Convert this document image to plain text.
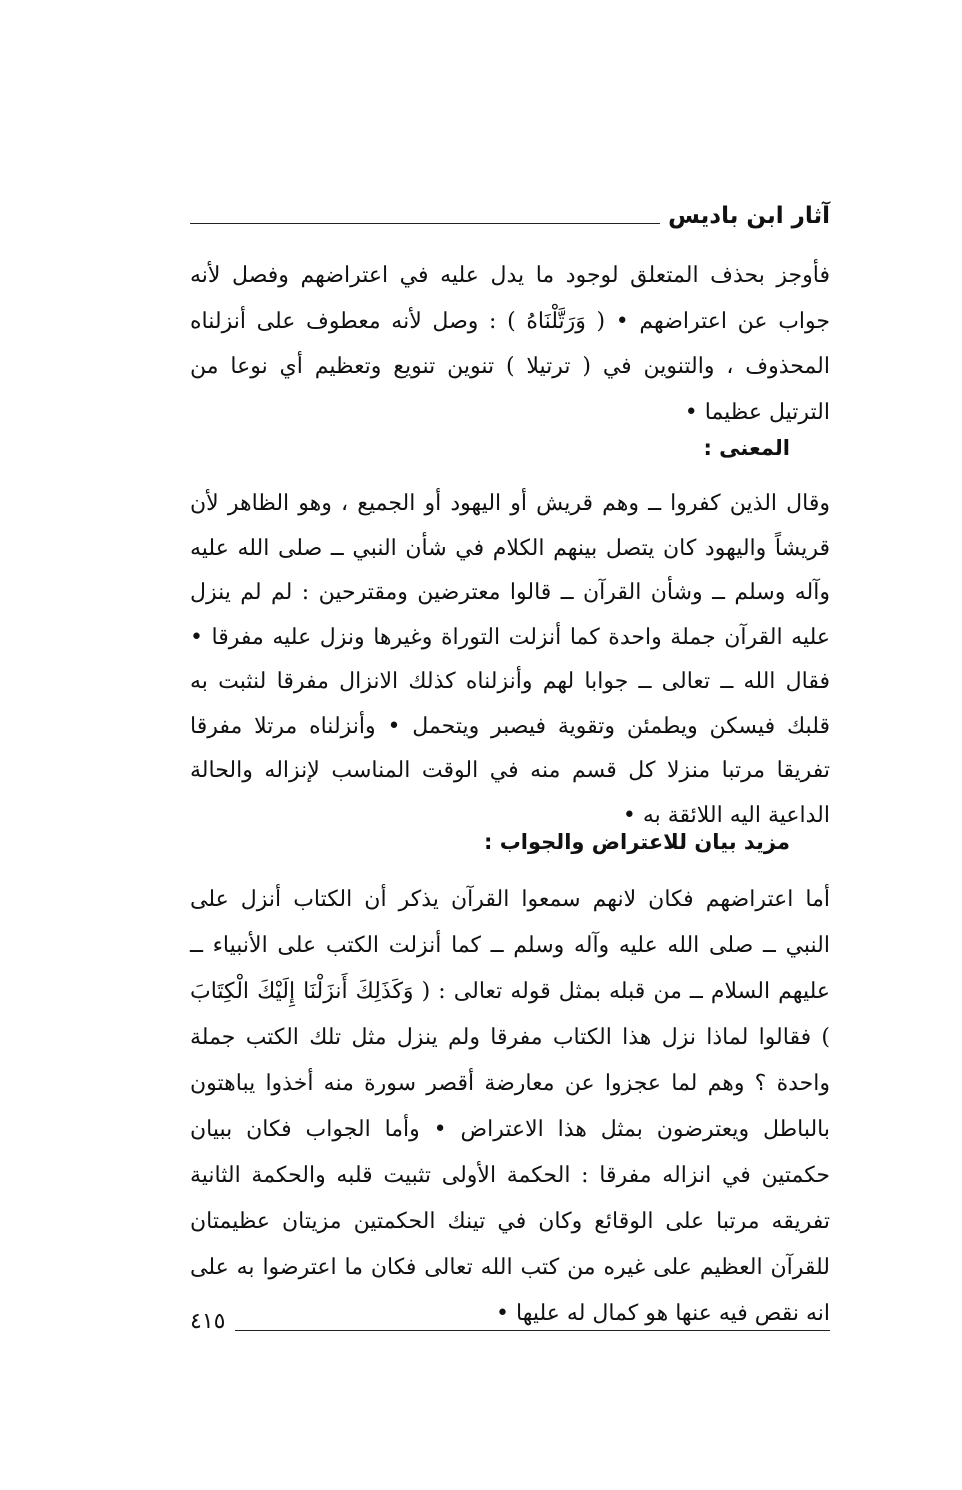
آثار ابن باديس

فأوجز بحذف المتعلق لوجود ما يدل عليه في اعتراضهم وفصل لأنه جواب عن اعتراضهم • ( وَرَتَّلْنَاهُ ) : وصل لأنه معطوف على أنزلناه المحذوف ، والتنوين في ( ترتيلا ) تنوين تنويع وتعظيم أي نوعا من الترتيل عظيما •

المعنى :

وقال الذين كفروا ــ وهم قريش أو اليهود أو الجميع ، وهو الظاهر لأن قريشاً واليهود كان يتصل بينهم الكلام في شأن النبي ــ صلى الله عليه وآله وسلم ــ وشأن القرآن ــ قالوا معترضين ومقترحين : لم لم ينزل عليه القرآن جملة واحدة كما أنزلت التوراة وغيرها ونزل عليه مفرقا • فقال الله ــ تعالى ــ جوابا لهم وأنزلناه كذلك الانزال مفرقا لنثبت به قلبك فيسكن ويطمئن وتقوية فيصبر ويتحمل • وأنزلناه مرتلا مفرقا تفريقا مرتبا منزلا كل قسم منه في الوقت المناسب لإنزاله والحالة الداعية اليه اللائقة به •

مزيد بيان للاعتراض والجواب :

أما اعتراضهم فكان لانهم سمعوا القرآن يذكر أن الكتاب أنزل على النبي ــ صلى الله عليه وآله وسلم ــ كما أنزلت الكتب على الأنبياء ــ عليهم السلام ــ من قبله بمثل قوله تعالى : ( وَكَذَلِكَ أَنزَلْنَا إِلَيْكَ الْكِتَابَ ) فقالوا لماذا نزل هذا الكتاب مفرقا ولم ينزل مثل تلك الكتب جملة واحدة ؟ وهم لما عجزوا عن معارضة أقصر سورة منه أخذوا يباهتون بالباطل ويعترضون بمثل هذا الاعتراض • وأما الجواب فكان ببيان حكمتين في انزاله مفرقا : الحكمة الأولى تثبيت قلبه والحكمة الثانية تفريقه مرتبا على الوقائع وكان في تينك الحكمتين مزيتان عظيمتان للقرآن العظيم على غيره من كتب الله تعالى فكان ما اعترضوا به على انه نقص فيه عنها هو كمال له عليها •

٤١٥
